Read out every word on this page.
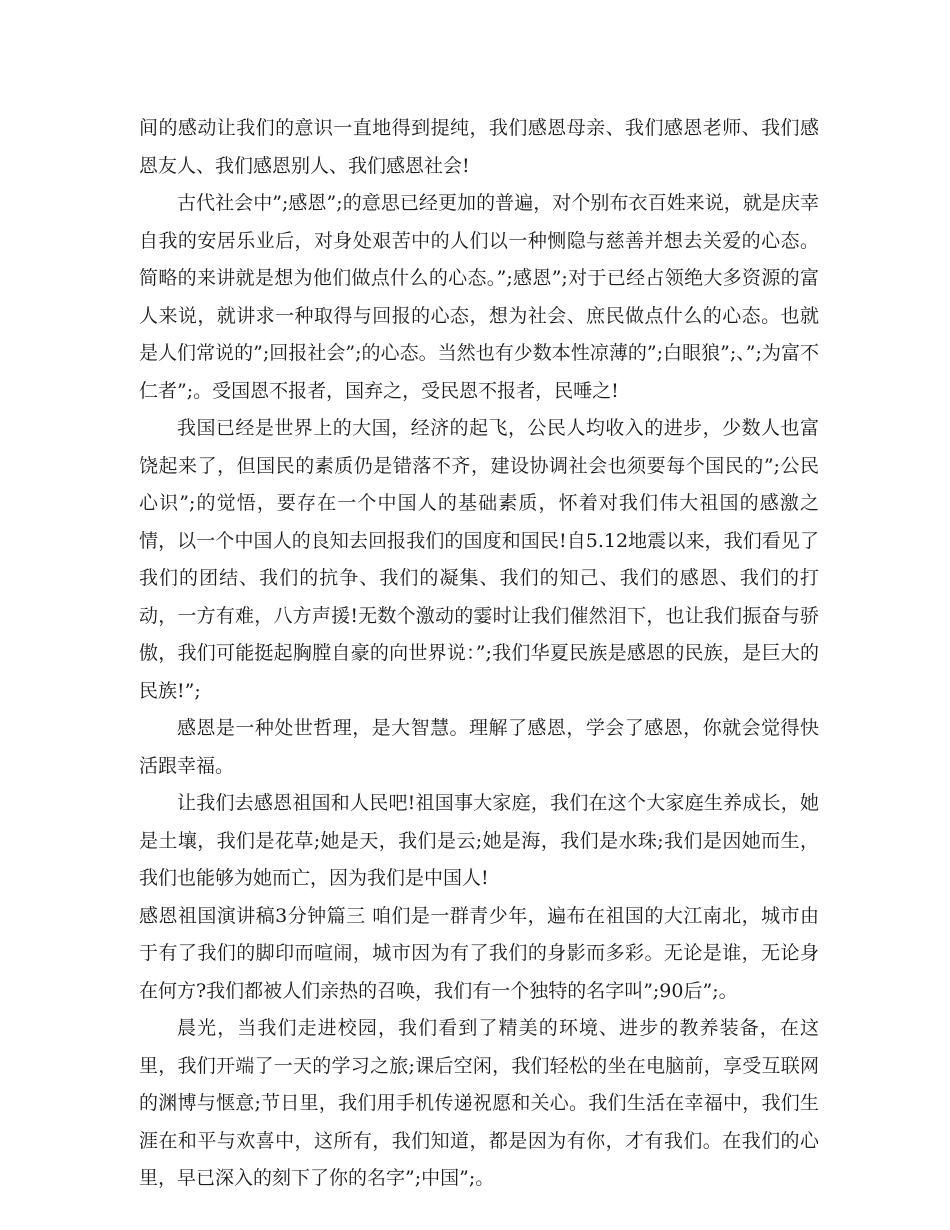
间的感动让我们的意识一直地得到提纯，我们感恩母亲、我们感恩老师、我们感恩友人、我们感恩别人、我们感恩社会!

古代社会中”;感恩”;的意思已经更加的普遍，对个别布衣百姓来说，就是庆幸自我的安居乐业后，对身处艰苦中的人们以一种恻隐与慈善并想去关爱的心态。简略的来讲就是想为他们做点什么的心态。”;感恩”;对于已经占领绝大多资源的富人来说，就讲求一种取得与回报的心态，想为社会、庶民做点什么的心态。也就是人们常说的”;回报社会”;的心态。当然也有少数本性凉薄的”;白眼狼”;、”;为富不仁者”;。受国恩不报者，国弃之，受民恩不报者，民唾之!

我国已经是世界上的大国，经济的起飞，公民人均收入的进步，少数人也富饶起来了，但国民的素质仍是错落不齐，建设协调社会也须要每个国民的”;公民心识”;的觉悟，要存在一个中国人的基础素质，怀着对我们伟大祖国的感激之情，以一个中国人的良知去回报我们的国度和国民!自5.12地震以来，我们看见了我们的团结、我们的抗争、我们的凝集、我们的知己、我们的感恩、我们的打动，一方有难，八方声援!无数个激动的霎时让我们催然泪下，也让我们振奋与骄傲，我们可能挺起胸膛自豪的向世界说：”;我们华夏民族是感恩的民族，是巨大的民族!”;

感恩是一种处世哲理，是大智慧。理解了感恩，学会了感恩，你就会觉得快活跟幸福。

让我们去感恩祖国和人民吧!祖国事大家庭，我们在这个大家庭生养成长，她是土壤，我们是花草;她是天，我们是云;她是海，我们是水珠;我们是因她而生，我们也能够为她而亡，因为我们是中国人!

感恩祖国演讲稿3分钟篇三 咱们是一群青少年，遍布在祖国的大江南北，城市由于有了我们的脚印而喧闹，城市因为有了我们的身影而多彩。无论是谁，无论身在何方?我们都被人们亲热的召唤，我们有一个独特的名字叫”;90后”;。

晨光，当我们走进校园，我们看到了精美的环境、进步的教养装备，在这里，我们开端了一天的学习之旅;课后空闲，我们轻松的坐在电脑前，享受互联网的渊博与惬意;节日里，我们用手机传递祝愿和关心。我们生活在幸福中，我们生涯在和平与欢喜中，这所有，我们知道，都是因为有你，才有我们。在我们的心里，早已深入的刻下了你的名字”;中国”;。
